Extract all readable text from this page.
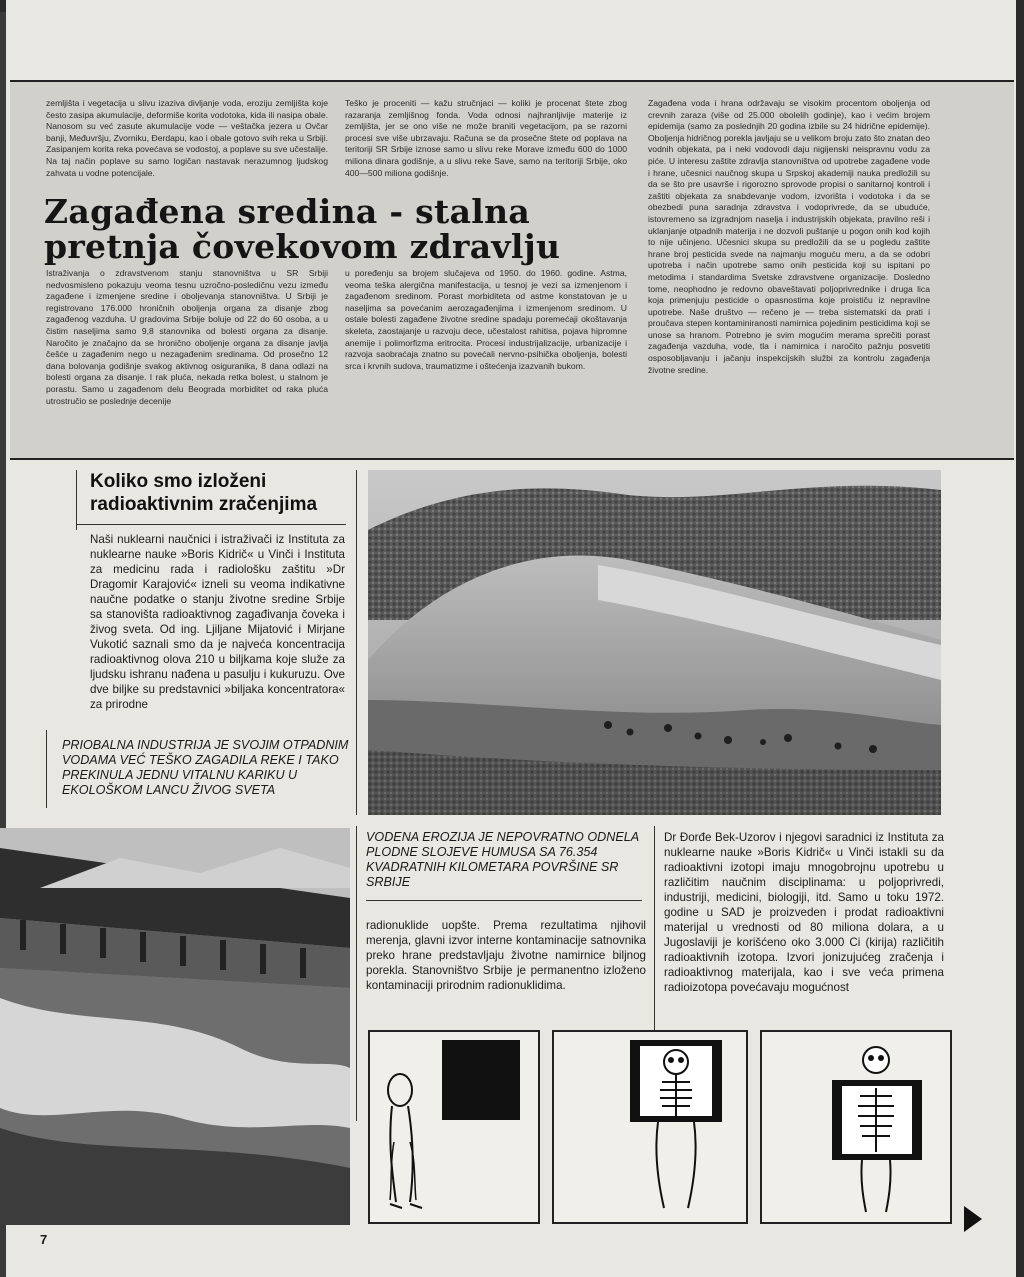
zemljišta i vegetacija u slivu izaziva divljanje voda, eroziju zemljišta koje često zasipa akumulacije, deformiše korita vodotoka, kida ili nasipa obale. Nanosom su već zasute akumulacije vode — veštačka jezera u Ovčar banji, Međuvršju, Zvorniku, Đerdapu, kao i obale gotovo svih reka u Srbiji. Zasipanjem korita reka povećava se vodostoj, a poplave su sve učestalije. Na taj način poplave su samo logičan nastavak nerazumnog ljudskog zahvata u vodne potencijale.
Teško je proceniti — kažu stručnjaci — koliki je procenat štete zbog razaranja zemljišnog fonda. Voda odnosi najhranljivije materije iz zemljišta, jer se ono više ne može braniti vegetacijom, pa se razorni procesi sve više ubrzavaju. Računa se da prosečne štete od poplava na teritoriji SR Srbije iznose samo u slivu reke Morave između 600 do 1000 miliona dinara godišnje, a u slivu reke Save, samo na teritoriji Srbije, oko 400—500 miliona godišnje.
Zagađena sredina - stalna pretnja čovekovom zdravlju
Istraživanja o zdravstvenom stanju stanovništva u SR Srbiji nedvosmisleno pokazuju veoma tesnu uzročno-posledičnu vezu između zagađene i izmenjene sredine i oboljevanja stanovništva. U Srbiji je registrovano 176.000 hroničnih oboljenja organa za disanje zbog zagađenog vazduha. U gradovima Srbije boluje od 22 do 60 osoba, a u čistim naseljima samo 9,8 stanovnika od bolesti organa za disanje. Naročito je značajno da se hronično oboljenje organa za disanje javlja češće u zagađenim nego u nezagađenim sredinama. Od prosečno 12 dana bolovanja godišnje svakog aktivnog osiguranika, 8 dana odlazi na bolesti organa za disanje. I rak pluća, nekada retka bolest, u stalnom je porastu. Samo u zagađenom delu Beograda morbiditet od raka pluća utrostručio se poslednje decenije
u poređenju sa brojem slučajeva od 1950. do 1960. godine. Astma, veoma teška alergična manifestacija, u tesnoj je vezi sa izmenjenom i zagađenom sredinom. Porast morbiditeta od astme konstatovan je u naseljima sa povećanim aerozagađenjima i izmenjenom sredinom. U ostale bolesti zagađene životne sredine spadaju poremećaji okoštavanja skeleta, zaostajanje u razvoju dece, učestalost rahitisa, pojava hipromne anemije i polimorfizma eritrocita. Procesi industrijalizacije, urbanizacije i razvoja saobraćaja znatno su povećali nervno-psihička oboljenja, bolesti srca i krvnih sudova, traumatizme i oštećenja izazvanih bukom.
Zagađena voda i hrana održavaju se visokim procentom oboljenja od crevnih zaraza (više od 25.000 obolelih godinje), kao i većim brojem epidemija (samo za poslednjih 20 godina izbile su 24 hidrične epidemije). Oboljenja hidričnog porekla javljaju se u velikom broju zato što znatan deo vodnih objekata, pa i neki vodovodi daju nigijenski neispravnu vodu za piće. U interesu zaštite zdravlja stanovništva od upotrebe zagađene vode i hrane, učesnici naučnog skupa u Srpskoj akademiji nauka predložili su da se što pre usavrše i rigorozno sprovode propisi o sanitarnoj kontroli i zaštiti objekata za snabdevanje vodom, izvorišta i vodotoka i da se obezbedi puna saradnja zdravstva i vodoprivrede, da se ubuduće, istovremeno sa izgradnjom naselja i industrijskih objekata, pravilno reši i uklanjanje otpadnih materija i ne dozvoli puštanje u pogon onih kod kojih to nije učinjeno. Učesnici skupa su predložili da se u pogledu zaštite hrane broj pesticida svede na najmanju moguću meru, a da se odobri upotreba i način upotrebe samo onih pesticida koji su ispitani po metodima i standardima Svetske zdravstvene organizacije. Dosledno tome, neophodno je redovno obaveštavati poljoprivrednike i druga lica koja primenjuju pesticide o opasnostima koje proističu iz nepravilne upotrebe. Naše društvo — rečeno je — treba sistematski da prati i proučava stepen kontaminiranosti namirnica pojedinim pesticidima koji se unose sa hranom. Potrebno je svim mogućim merama sprečiti porast zagađenja vazduha, vode, tla i namirnica i naročito pažnju posvetiti osposobljavanju i jačanju inspekcijskih službi za kontrolu zagađenja životne sredine.
Koliko smo izloženi radioaktivnim zračenjima
Naši nuklearni naučnici i istraživači iz Instituta za nuklearne nauke »Boris Kidrič« u Vinči i Instituta za medicinu rada i radiološku zaštitu »Dr Dragomir Karajović« izneli su veoma indikativne naučne podatke o stanju životne sredine Srbije sa stanovišta radioaktivnog zagađivanja čoveka i živog sveta. Od ing. Ljiljane Mijatović i Mirjane Vukotić saznali smo da je najveća koncentracija radioaktivnog olova 210 u biljkama koje služe za ljudsku ishranu nađena u pasulju i kukuruzu. Ove dve biljke su predstavnici »biljaka koncentratora« za prirodne
PRIOBALNA INDUSTRIJA JE SVOJIM OTPADNIM VODAMA VEĆ TEŠKO ZAGADILA REKE I TAKO PREKINULA JEDNU VITALNU KARIKU U EKOLOŠKOM LANCU ŽIVOG SVETA
VODENA EROZIJA JE NEPOVRATNO ODNELA PLODNE SLOJEVE HUMUSA SA 76.354 KVADRATNIH KILOMETARA POVRŠINE SR SRBIJE
radionuklide uopšte. Prema rezultatima njihovil merenja, glavni izvor interne kontaminacije satnovnika preko hrane predstavljaju životne namirnice biljnog porekla. Stanovništvo Srbije je permanentno izloženo kontaminaciji prirodnim radionuklidima.
Dr Đorđe Bek-Uzorov i njegovi saradnici iz Instituta za nuklearne nauke »Boris Kidrič« u Vinči istakli su da radioaktivni izotopi imaju mnogobrojnu upotrebu u različitim naučnim disciplinama: u poljoprivredi, industriji, medicini, biologiji, itd. Samo u toku 1972. godine u SAD je proizveden i prodat radioaktivni materijal u vrednosti od 80 miliona dolara, a u Jugoslaviji je korišćeno oko 3.000 Ci (kirija) različitih radioaktivnih izotopa. Izvori jonizujućeg zračenja i radioaktivnog materijala, kao i sve veća primena radioizotopa povećavaju mogućnost
7
